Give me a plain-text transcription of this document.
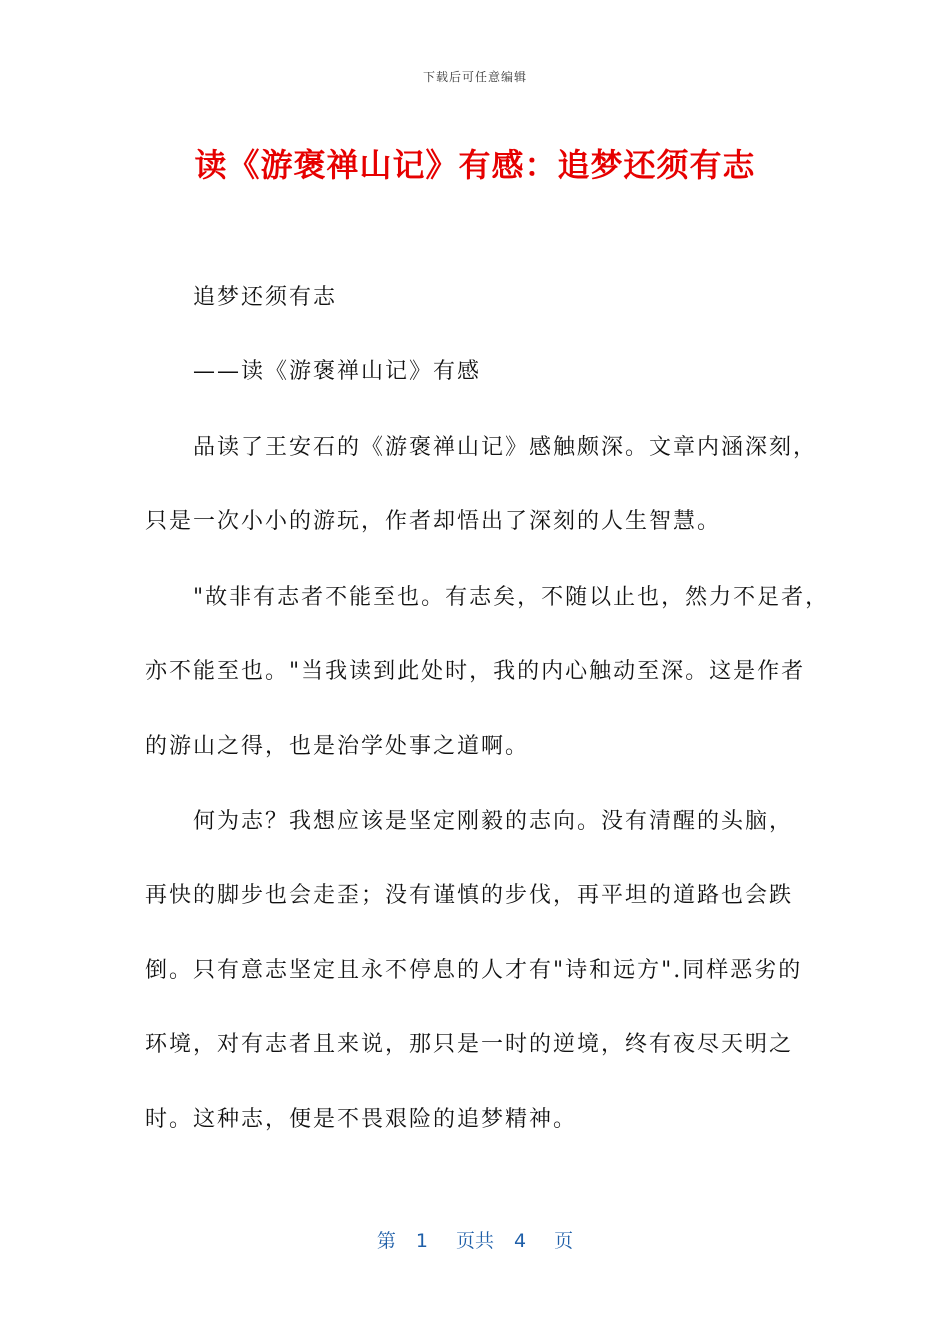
下载后可任意编辑
读《游褒禅山记》有感：追梦还须有志
追梦还须有志
——读《游褒禅山记》有感
品读了王安石的《游褒禅山记》感触颇深。文章内涵深刻，
只是一次小小的游玩，作者却悟出了深刻的人生智慧。
"故非有志者不能至也。有志矣，不随以止也，然力不足者，
亦不能至也。"当我读到此处时，我的内心触动至深。这是作者
的游山之得，也是治学处事之道啊。
何为志？我想应该是坚定刚毅的志向。没有清醒的头脑，
再快的脚步也会走歪；没有谨慎的步伐，再平坦的道路也会跌
倒。只有意志坚定且永不停息的人才有"诗和远方".同样恶劣的
环境，对有志者且来说，那只是一时的逆境，终有夜尽天明之
时。这种志，便是不畏艰险的追梦精神。
第 1 页共 4 页
